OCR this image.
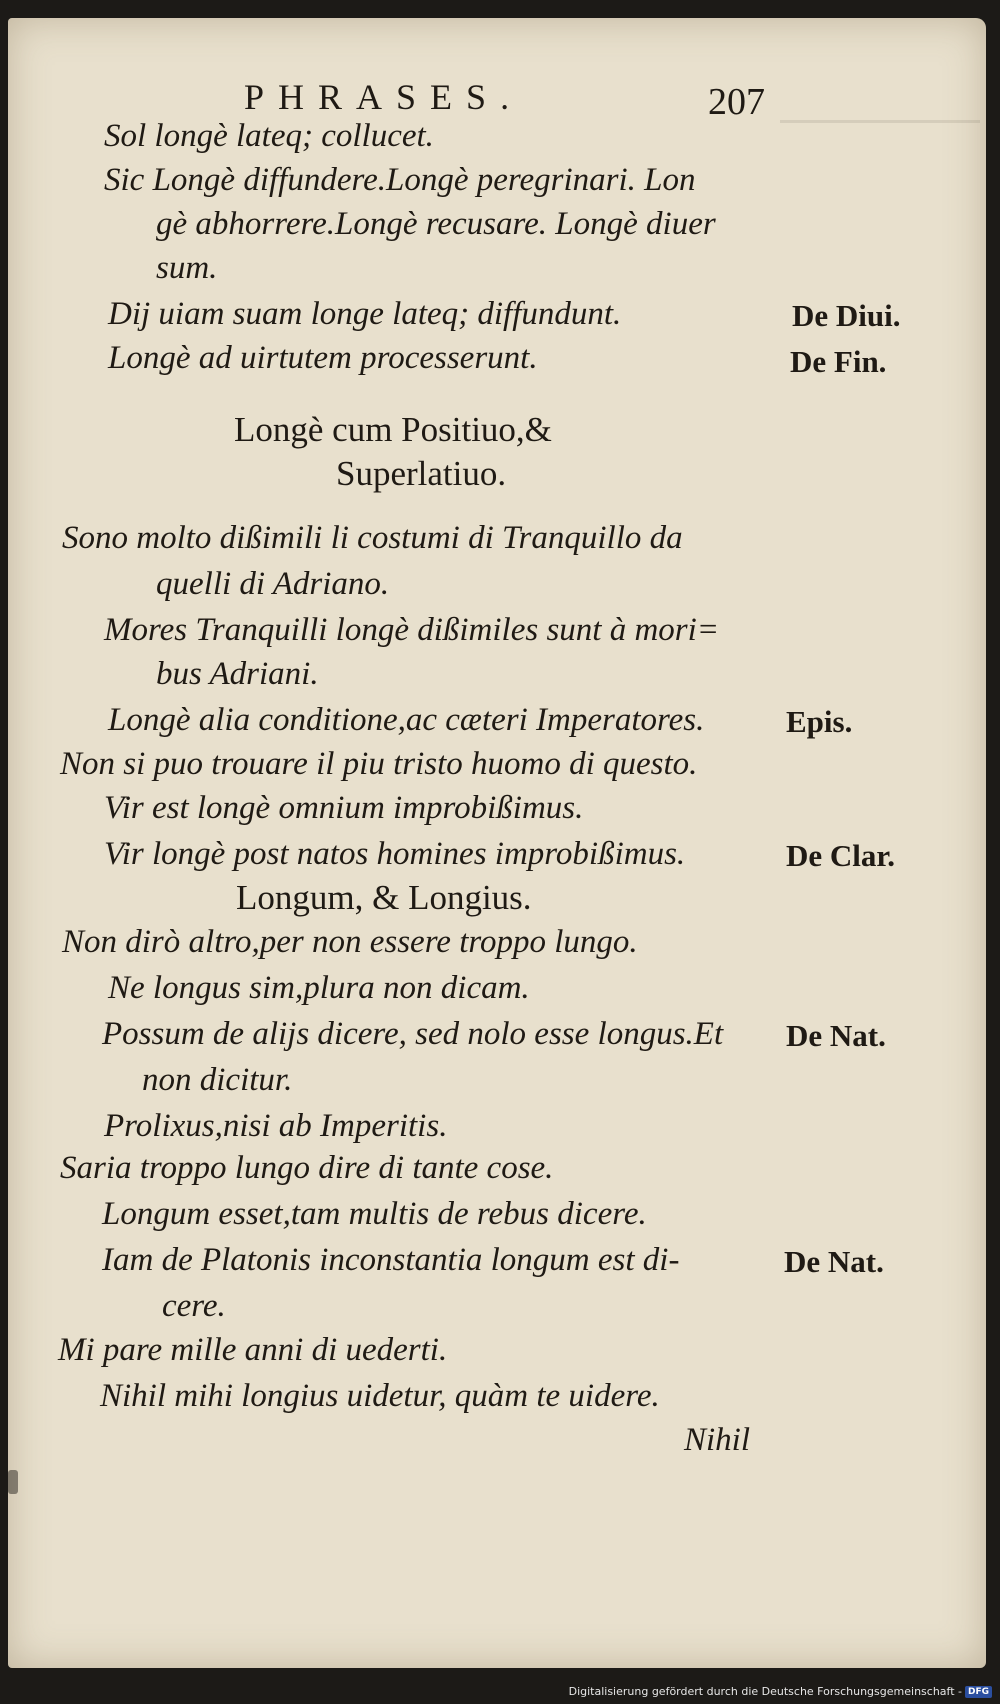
PHRASES.	207
Sol longè lateq; collucet.
Sic Longè diffundere.Longè peregrinari. Lon
gè abhorrere.Longè recusare. Longè diuer
sum.
Dij uiam suam longe lateq; diffundunt.
Longè ad uirtutem processerunt.
Longè cum Positiuo,&
Superlatiuo.
Sono molto dißimili li costumi di Tranquillo da
quelli di Adriano.
Mores Tranquilli longè dißimiles sunt à mori=
bus Adriani.
Longè alia conditione,ac cæteri Imperatores.
Non si puo trouare il piu tristo huomo di questo.
Vir est longè omnium improbißimus.
Vir longè post natos homines improbißimus.
Longum, & Longius.
Non dirò altro,per non essere troppo lungo.
Ne longus sim,plura non dicam.
Possum de alijs dicere, sed nolo esse longus.Et
non dicitur.
Prolixus,nisi ab Imperitis.
Saria troppo lungo dire di tante cose.
Longum esset,tam multis de rebus dicere.
Iam de Platonis inconstantia longum est di-
cere.
Mi pare mille anni di uederti.
Nihil mihi longius uidetur, quàm te uidere.
Nihil
De Diui.
De Fin.
Epis.
De Clar.
De Nat.
De Nat.
Digitalisierung gefördert durch die Deutsche Forschungsgemeinschaft - DFG
